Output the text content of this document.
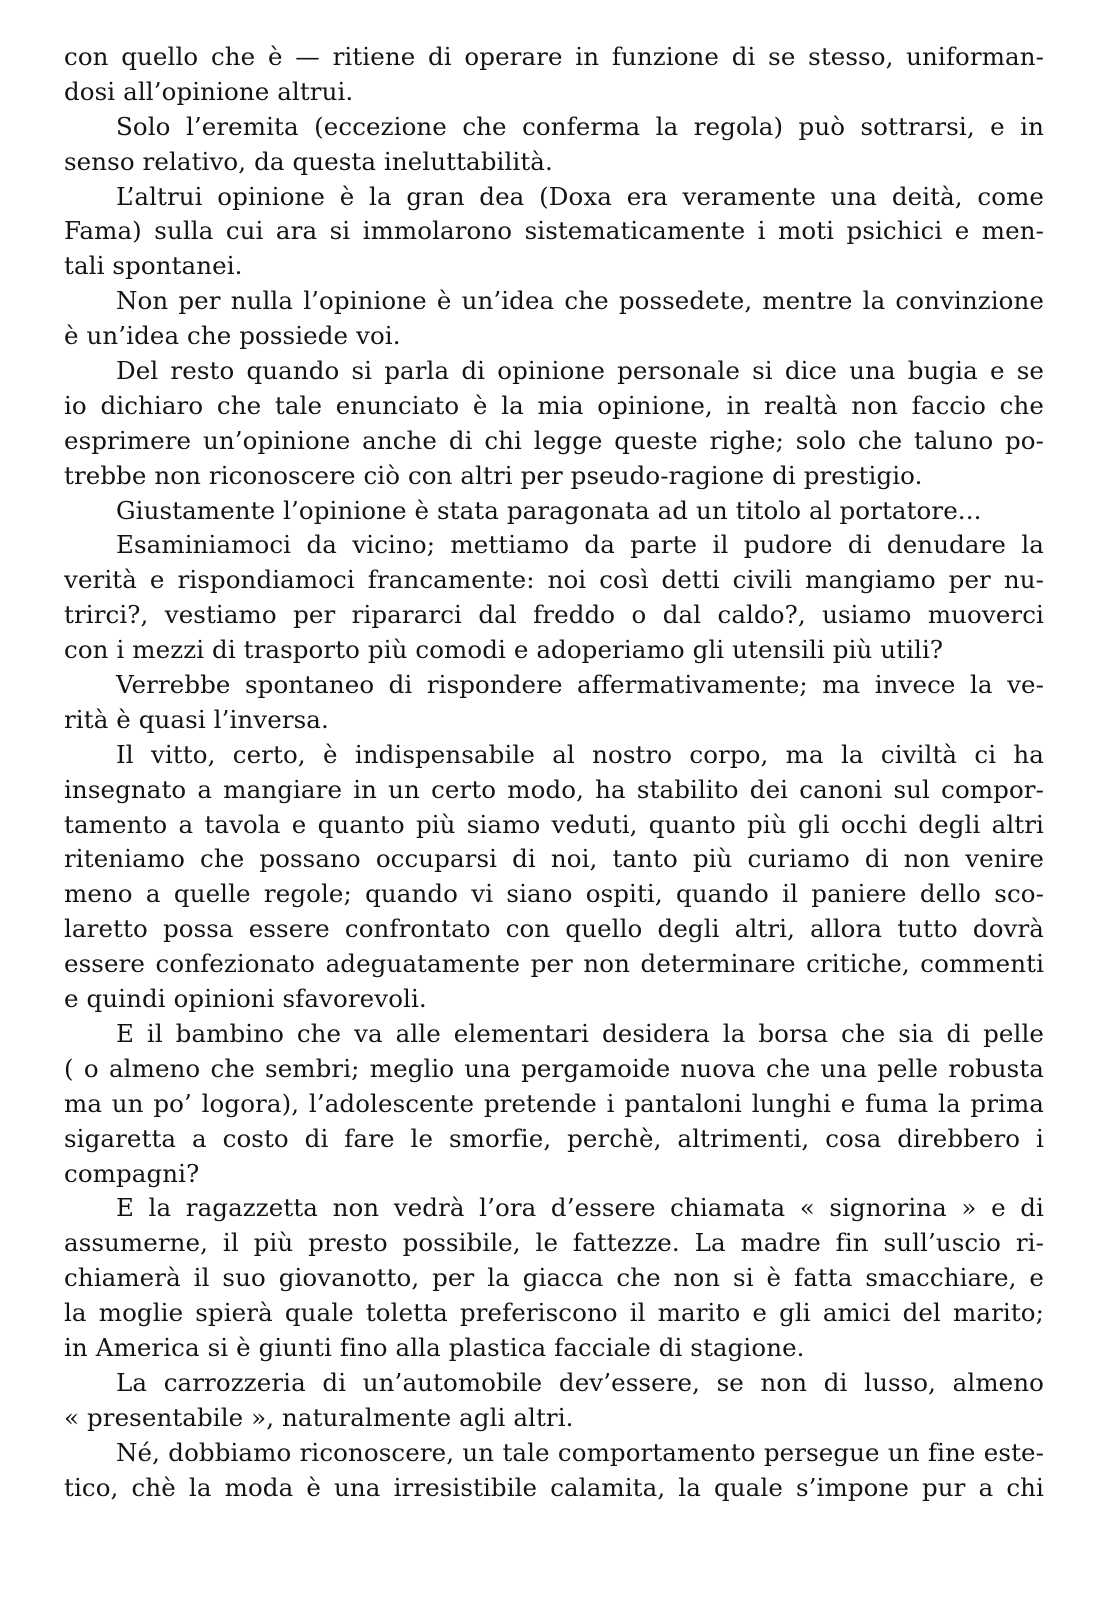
con quello che è — ritiene di operare in funzione di se stesso, uniforman-
dosi all’opinione altrui.
Solo l’eremita (eccezione che conferma la regola) può sottrarsi, e in
senso relativo, da questa ineluttabilità.
L’altrui opinione è la gran dea (Doxa era veramente una deità, come
Fama) sulla cui ara si immolarono sistematicamente i moti psichici e men-
tali spontanei.
Non per nulla l’opinione è un’idea che possedete, mentre la convinzione
è un’idea che possiede voi.
Del resto quando si parla di opinione personale si dice una bugia e se
io dichiaro che tale enunciato è la mia opinione, in realtà non faccio che
esprimere un’opinione anche di chi legge queste righe; solo che taluno po-
trebbe non riconoscere ciò con altri per pseudo-ragione di prestigio.
Giustamente l’opinione è stata paragonata ad un titolo al portatore...
Esaminiamoci da vicino; mettiamo da parte il pudore di denudare la
verità e rispondiamoci francamente: noi così detti civili mangiamo per nu-
trirci?, vestiamo per ripararci dal freddo o dal caldo?, usiamo muoverci
con i mezzi di trasporto più comodi e adoperiamo gli utensili più utili?
Verrebbe spontaneo di rispondere affermativamente; ma invece la ve-
rità è quasi l’inversa.
Il vitto, certo, è indispensabile al nostro corpo, ma la civiltà ci ha
insegnato a mangiare in un certo modo, ha stabilito dei canoni sul compor-
tamento a tavola e quanto più siamo veduti, quanto più gli occhi degli altri
riteniamo che possano occuparsi di noi, tanto più curiamo di non venire
meno a quelle regole; quando vi siano ospiti, quando il paniere dello sco-
laretto possa essere confrontato con quello degli altri, allora tutto dovrà
essere confezionato adeguatamente per non determinare critiche, commenti
e quindi opinioni sfavorevoli.
E il bambino che va alle elementari desidera la borsa che sia di pelle
( o almeno che sembri; meglio una pergamoide nuova che una pelle robusta
ma un po’ logora), l’adolescente pretende i pantaloni lunghi e fuma la prima
sigaretta a costo di fare le smorfie, perchè, altrimenti, cosa direbbero i
compagni?
E la ragazzetta non vedrà l’ora d’essere chiamata « signorina » e di
assumerne, il più presto possibile, le fattezze. La madre fin sull’uscio ri-
chiamerà il suo giovanotto, per la giacca che non si è fatta smacchiare, e
la moglie spierà quale toletta preferiscono il marito e gli amici del marito;
in America si è giunti fino alla plastica facciale di stagione.
La carrozzeria di un’automobile dev’essere, se non di lusso, almeno
« presentabile », naturalmente agli altri.
Né, dobbiamo riconoscere, un tale comportamento persegue un fine este-
tico, chè la moda è una irresistibile calamita, la quale s’impone pur a chi
